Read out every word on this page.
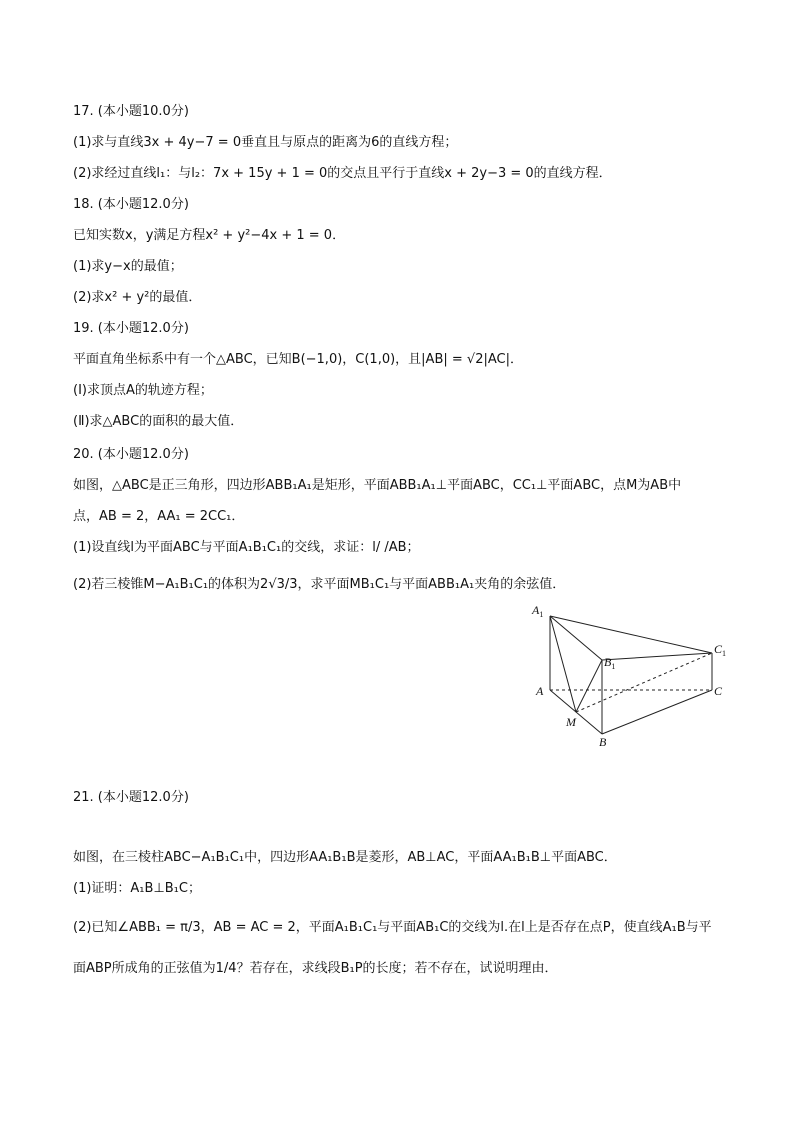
17. (本小题10.0分)
(1)求与直线3x + 4y−7 = 0垂直且与原点的距离为6的直线方程；
(2)求经过直线l₁：与l₂：7x + 15y + 1 = 0的交点且平行于直线x + 2y−3 = 0的直线方程．
18. (本小题12.0分)
已知实数x，y满足方程x² + y²−4x + 1 = 0．
(1)求y−x的最值；
(2)求x² + y²的最值．
19. (本小题12.0分)
平面直角坐标系中有一个△ABC，已知B(−1,0)，C(1,0)，且|AB| = √2|AC|．
(Ⅰ)求顶点A的轨迹方程；
(Ⅱ)求△ABC的面积的最大值．
20. (本小题12.0分)
如图，△ABC是正三角形，四边形ABB₁A₁是矩形，平面ABB₁A₁⊥平面ABC，CC₁⊥平面ABC，点M为AB中
点，AB = 2，AA₁ = 2CC₁．
(1)设直线l为平面ABC与平面A₁B₁C₁的交线，求证：l/ /AB；
(2)若三棱锥M−A₁B₁C₁的体积为2√3/3，求平面MB₁C₁与平面ABB₁A₁夹角的余弦值．
$A_1$
$B_1$
$C_1$
A	C
M
B
21. (本小题12.0分)
如图，在三棱柱ABC−A₁B₁C₁中，四边形AA₁B₁B是菱形，AB⊥AC，平面AA₁B₁B⊥平面ABC．
(1)证明：A₁B⊥B₁C；
(2)已知∠ABB₁ = π/3，AB = AC = 2，平面A₁B₁C₁与平面AB₁C的交线为l.在l上是否存在点P，使直线A₁B与平
面ABP所成角的正弦值为1/4？若存在，求线段B₁P的长度；若不存在，试说明理由．
